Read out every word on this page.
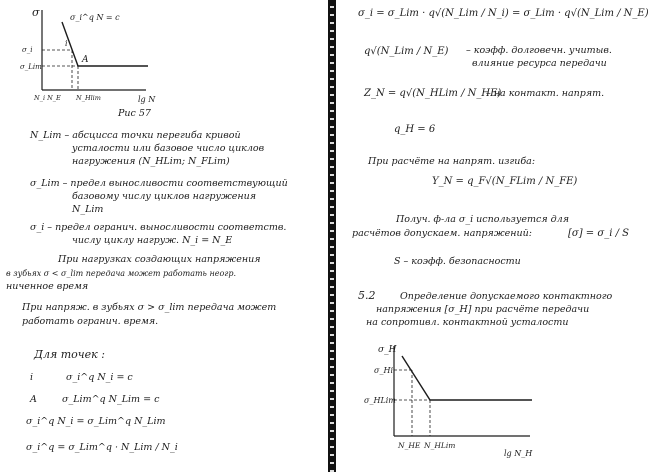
σ	σ_i^q N = c
i
A
σ_i
σ_Lim
N_i N_E N_Hlim	lg N
Рис 57
N_Lim – абсцисса точки перегиба кривой
усталости или базовое число циклов
нагружения (N_HLim; N_FLim)
σ_Lim – предел выносливости соответствующий
базовому числу циклов нагружения
N_Lim
σ_i – предел огранич. выносливости соответств.
числу циклу нагруж. N_i = N_E
При нагрузках создающих напряжения
в зубьях σ < σ_lim передача может работать неогр.
ниченное время
При напряж. в зубьях σ > σ_lim передача может
работать огранич. время.
Для точек :
i	σ_i^q N_i = c
A	σ_Lim^q N_Lim = c
σ_i^q N_i = σ_Lim^q N_Lim
σ_i^q = σ_Lim^q · N_Lim / N_i
σ_i = σ_Lim · q√(N_Lim / N_i) = σ_Lim · q√(N_Lim / N_E)
q√(N_Lim / N_E) – коэфф. долговечн. учитыв.
влияние ресурса передачи
Z_N = q√(N_HLim / N_HE)
– на контакт. напрят.
q_H = 6
При расчёте на напрят. изгиба:
Y_N = q_F√(N_FLim / N_FE)
Получ. ф-ла σ_i используется для
расчётов допускаем. напряжений:	[σ] = σ_i / S
S – коэфф. безопасности
5.2	Определение допускаемого контактного
напряжения [σ_H] при расчёте передачи
на сопротивл. контактной усталости
σ_H
σ_Hi
σ_HLim
N_HE N_HLim
lg N_H
